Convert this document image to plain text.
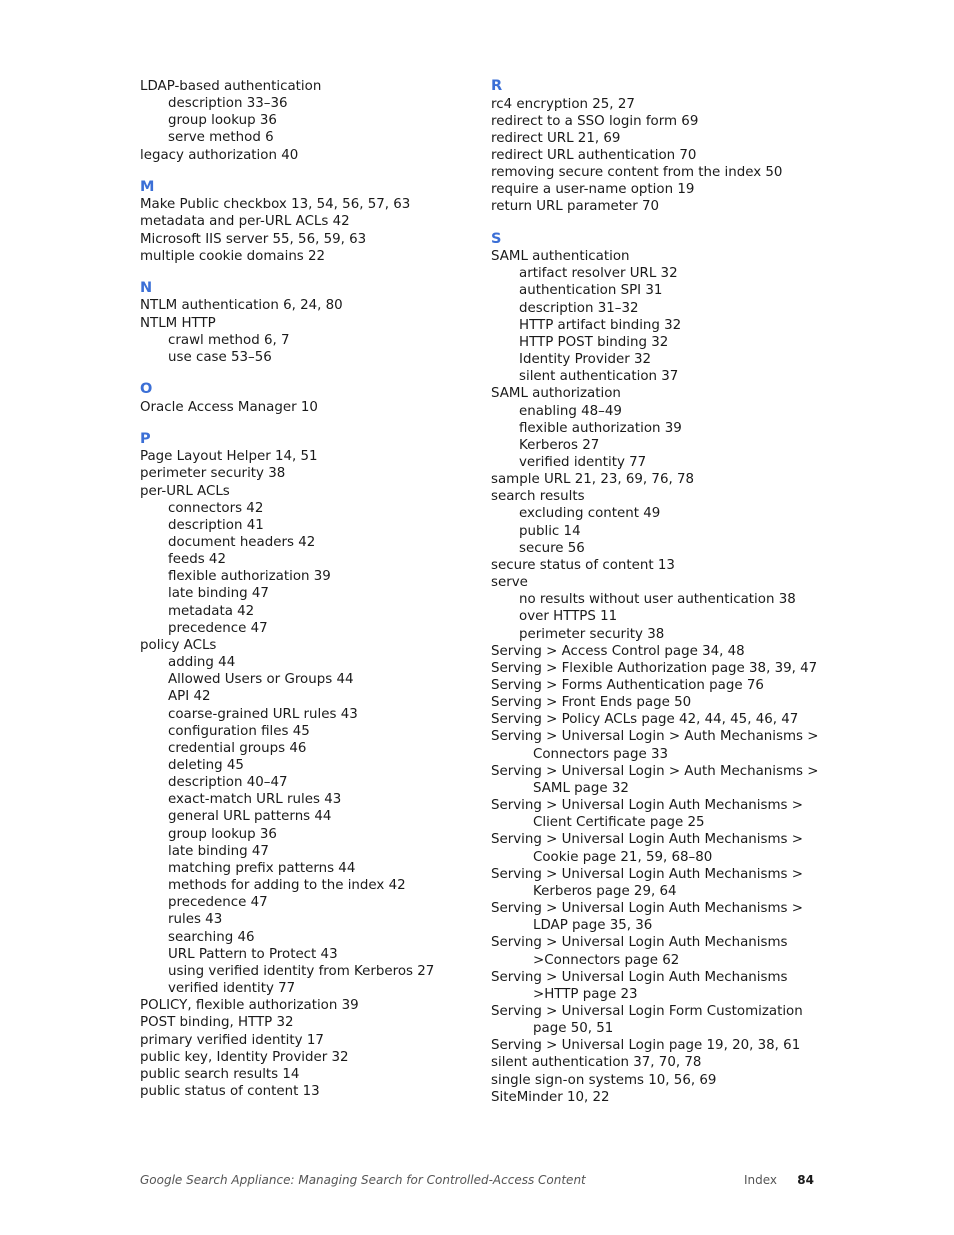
LDAP-based authentication
description 33–36
group lookup 36
serve method 6
legacy authorization 40
M
Make Public checkbox 13, 54, 56, 57, 63
metadata and per-URL ACLs 42
Microsoft IIS server 55, 56, 59, 63
multiple cookie domains 22
N
NTLM authentication 6, 24, 80
NTLM HTTP
crawl method 6, 7
use case 53–56
O
Oracle Access Manager 10
P
Page Layout Helper 14, 51
perimeter security 38
per-URL ACLs
connectors 42
description 41
document headers 42
feeds 42
flexible authorization 39
late binding 47
metadata 42
precedence 47
policy ACLs
adding 44
Allowed Users or Groups 44
API 42
coarse-grained URL rules 43
configuration files 45
credential groups 46
deleting 45
description 40–47
exact-match URL rules 43
general URL patterns 44
group lookup 36
late binding 47
matching prefix patterns 44
methods for adding to the index 42
precedence 47
rules 43
searching 46
URL Pattern to Protect 43
using verified identity from Kerberos 27
verified identity 77
POLICY, flexible authorization 39
POST binding, HTTP 32
primary verified identity 17
public key, Identity Provider 32
public search results 14
public status of content 13
R
rc4 encryption 25, 27
redirect to a SSO login form 69
redirect URL 21, 69
redirect URL authentication 70
removing secure content from the index 50
require a user-name option 19
return URL parameter 70
S
SAML authentication
artifact resolver URL 32
authentication SPI 31
description 31–32
HTTP artifact binding 32
HTTP POST binding 32
Identity Provider 32
silent authentication 37
SAML authorization
enabling 48–49
flexible authorization 39
Kerberos 27
verified identity 77
sample URL 21, 23, 69, 76, 78
search results
excluding content 49
public 14
secure 56
secure status of content 13
serve
no results without user authentication 38
over HTTPS 11
perimeter security 38
Serving > Access Control page 34, 48
Serving > Flexible Authorization page 38, 39, 47
Serving > Forms Authentication page 76
Serving > Front Ends page 50
Serving > Policy ACLs page 42, 44, 45, 46, 47
Serving > Universal Login > Auth Mechanisms > Connectors page 33
Serving > Universal Login > Auth Mechanisms > SAML page 32
Serving > Universal Login Auth Mechanisms > Client Certificate page 25
Serving > Universal Login Auth Mechanisms > Cookie page 21, 59, 68–80
Serving > Universal Login Auth Mechanisms > Kerberos page 29, 64
Serving > Universal Login Auth Mechanisms > LDAP page 35, 36
Serving > Universal Login Auth Mechanisms >Connectors page 62
Serving > Universal Login Auth Mechanisms >HTTP page 23
Serving > Universal Login Form Customization page 50, 51
Serving > Universal Login page 19, 20, 38, 61
silent authentication 37, 70, 78
single sign-on systems 10, 56, 69
SiteMinder 10, 22
Google Search Appliance: Managing Search for Controlled-Access Content	Index 84
